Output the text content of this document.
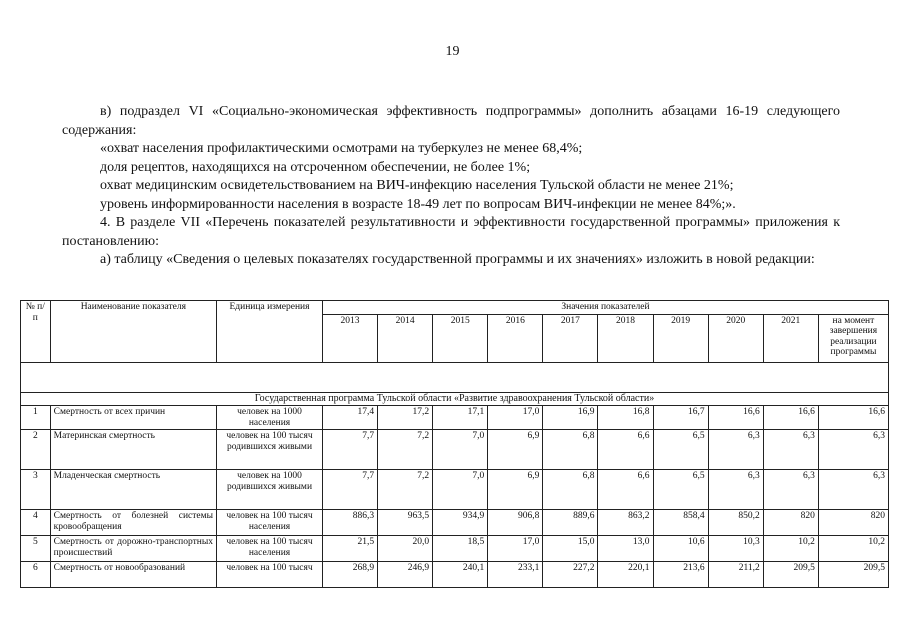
19

в) подраздел VI «Социально-экономическая эффективность подпрограммы» дополнить абзацами 16-19 следующего содержания:

«охват населения профилактическими осмотрами на туберкулез не менее 68,4%;

доля рецептов, находящихся на отсроченном обеспечении, не более 1%;

охват медицинским освидетельствованием на ВИЧ-инфекцию населения Тульской области не менее 21%;

уровень информированности населения в возрасте 18-49 лет по вопросам ВИЧ-инфекции не менее 84%;».

4. В разделе VII «Перечень показателей результативности и эффективности государственной программы» приложения к постановлению:

а) таблицу «Сведения о целевых показателях государственной программы и их значениях» изложить в новой редакции:

№ п/п	Наименование показателя	Единица измерения	Значения показателей									
			2013	2014	2015	2016	2017	2018	2019	2020	2021	на момент завершения реализации программы

Государственная программа Тульской области «Развитие здравоохранения Тульской области»												
1	Смертность от всех причин	человек на 1000 населения	17,4	17,2	17,1	17,0	16,9	16,8	16,7	16,6	16,6	16,6
2	Материнская смертность	человек на 100 тысяч родившихся живыми	7,7	7,2	7,0	6,9	6,8	6,6	6,5	6,3	6,3	6,3
3	Младенческая смертность	человек на 1000 родившихся живыми	7,7	7,2	7,0	6,9	6,8	6,6	6,5	6,3	6,3	6,3
4	Смертность от болезней системы кровообращения	человек на 100 тысяч населения	886,3	963,5	934,9	906,8	889,6	863,2	858,4	850,2	820	820
5	Смертность от дорожно-транспортных происшествий	человек на 100 тысяч населения	21,5	20,0	18,5	17,0	15,0	13,0	10,6	10,3	10,2	10,2
6	Смертность от новообразований	человек на 100 тысяч	268,9	246,9	240,1	233,1	227,2	220,1	213,6	211,2	209,5	209,5
